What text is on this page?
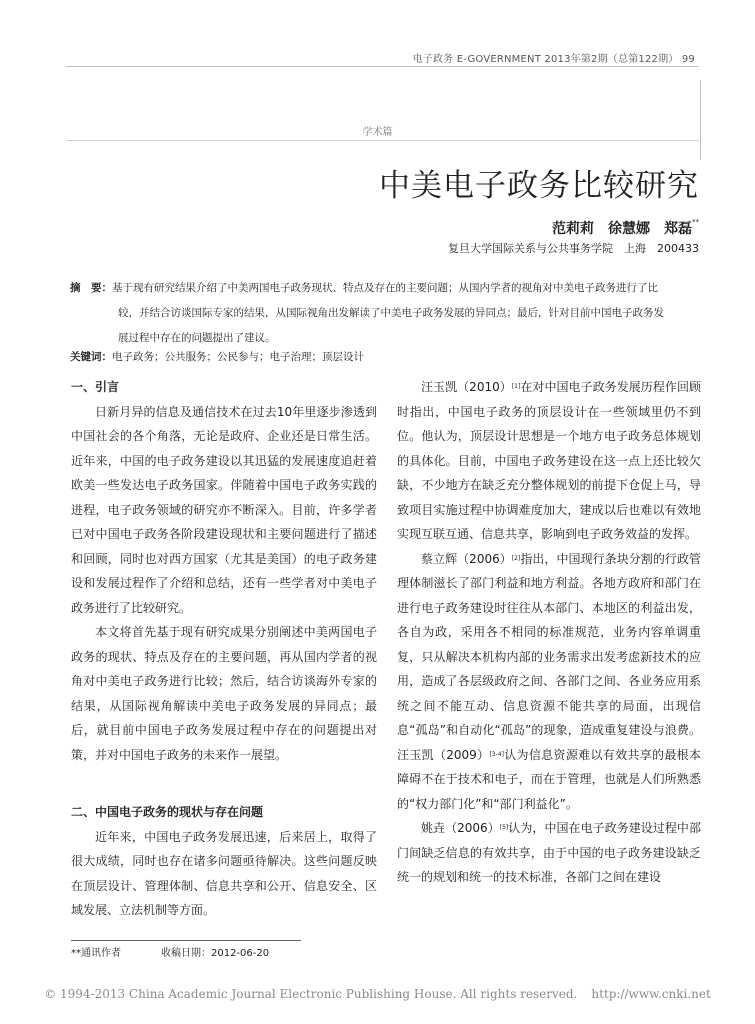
电子政务 E-GOVERNMENT 2013年第2期（总第122期） 99
学术篇
中美电子政务比较研究
范莉莉　徐慧娜　郑磊**
复旦大学国际关系与公共事务学院　上海　200433
摘　要：基于现有研究结果介绍了中美两国电子政务现状、特点及存在的主要问题；从国内学者的视角对中美电子政务进行了比
较，并结合访谈国际专家的结果，从国际视角出发解读了中美电子政务发展的异同点；最后，针对目前中国电子政务发
展过程中存在的问题提出了建议。
关键词：电子政务；公共服务；公民参与；电子治理；顶层设计
一、引言

日新月异的信息及通信技术在过去10年里逐步渗透到中国社会的各个角落，无论是政府、企业还是日常生活。近年来，中国的电子政务建设以其迅猛的发展速度追赶着欧美一些发达电子政务国家。伴随着中国电子政务实践的进程，电子政务领域的研究亦不断深入。目前，许多学者已对中国电子政务各阶段建设现状和主要问题进行了描述和回顾，同时也对西方国家（尤其是美国）的电子政务建设和发展过程作了介绍和总结，还有一些学者对中美电子政务进行了比较研究。

本文将首先基于现有研究成果分别阐述中美两国电子政务的现状、特点及存在的主要问题，再从国内学者的视角对中美电子政务进行比较；然后，结合访谈海外专家的结果，从国际视角解读中美电子政务发展的异同点；最后，就目前中国电子政务发展过程中存在的问题提出对策，并对中国电子政务的未来作一展望。

二、中国电子政务的现状与存在问题

近年来，中国电子政务发展迅速，后来居上，取得了很大成绩，同时也存在诸多问题亟待解决。这些问题反映在顶层设计、管理体制、信息共享和公开、信息安全、区域发展、立法机制等方面。

汪玉凯（2010）[1]在对中国电子政务发展历程作回顾时指出，中国电子政务的顶层设计在一些领域里仍不到位。他认为，顶层设计思想是一个地方电子政务总体规划的具体化。目前，中国电子政务建设在这一点上还比较欠缺，不少地方在缺乏充分整体规划的前提下仓促上马，导致项目实施过程中协调难度加大，建成以后也难以有效地实现互联互通、信息共享，影响到电子政务效益的发挥。

蔡立辉（2006）[2]指出，中国现行条块分割的行政管理体制滋长了部门利益和地方利益。各地方政府和部门在进行电子政务建设时往往从本部门、本地区的利益出发，各自为政，采用各不相同的标准规范，业务内容单调重复，只从解决本机构内部的业务需求出发考虑新技术的应用，造成了各层级政府之间、各部门之间、各业务应用系统之间不能互动、信息资源不能共享的局面，出现信息“孤岛”和自动化“孤岛”的现象，造成重复建设与浪费。汪玉凯（2009）[3-4]认为信息资源难以有效共享的最根本障碍不在于技术和电子，而在于管理，也就是人们所熟悉的“权力部门化”和“部门利益化”。

姚垚（2006）[5]认为，中国在电子政务建设过程中部门间缺乏信息的有效共享，由于中国的电子政务建设缺乏统一的规划和统一的技术标准，各部门之间在建设

**通讯作者	收稿日期：2012-06-20
© 1994-2013 China Academic Journal Electronic Publishing House. All rights reserved. http://www.cnki.net
